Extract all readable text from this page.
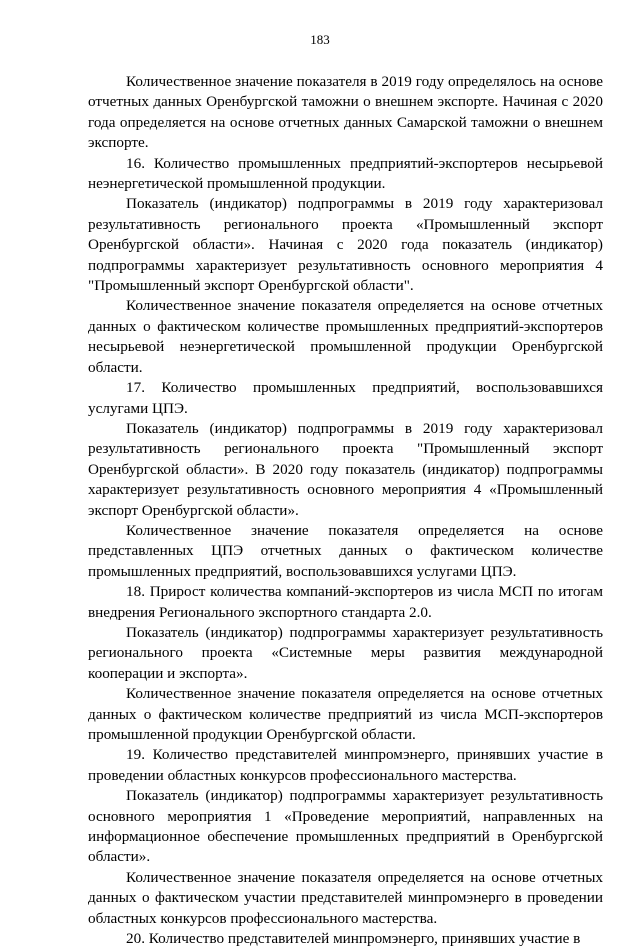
183

Количественное значение показателя в 2019 году определялось на основе отчетных данных Оренбургской таможни о внешнем экспорте. Начиная с 2020 года определяется на основе отчетных данных Самарской таможни о внешнем экспорте.

16. Количество промышленных предприятий-экспортеров несырьевой неэнергетической промышленной продукции.

Показатель (индикатор) подпрограммы в 2019 году характеризовал результативность регионального проекта «Промышленный экспорт Оренбургской области». Начиная с 2020 года показатель (индикатор) подпрограммы характеризует результативность основного мероприятия 4 "Промышленный экспорт Оренбургской области".

Количественное значение показателя определяется на основе отчетных данных о фактическом количестве промышленных предприятий-экспортеров несырьевой неэнергетической промышленной продукции Оренбургской области.

17. Количество промышленных предприятий, воспользовавшихся услугами ЦПЭ.

Показатель (индикатор) подпрограммы в 2019 году характеризовал результативность регионального проекта "Промышленный экспорт Оренбургской области». В 2020 году показатель (индикатор) подпрограммы характеризует результативность основного мероприятия 4 «Промышленный экспорт Оренбургской области».

Количественное значение показателя определяется на основе представленных ЦПЭ отчетных данных о фактическом количестве промышленных предприятий, воспользовавшихся услугами ЦПЭ.

18. Прирост количества компаний-экспортеров из числа МСП по итогам внедрения Регионального экспортного стандарта 2.0.

Показатель (индикатор) подпрограммы характеризует результативность регионального проекта «Системные меры развития международной кооперации и экспорта».

Количественное значение показателя определяется на основе отчетных данных о фактическом количестве предприятий из числа МСП-экспортеров промышленной продукции Оренбургской области.

19. Количество представителей минпромэнерго, принявших участие в проведении областных конкурсов профессионального мастерства.

Показатель (индикатор) подпрограммы характеризует результативность основного мероприятия 1 «Проведение мероприятий, направленных на информационное обеспечение промышленных предприятий в Оренбургской области».

Количественное значение показателя определяется на основе отчетных данных о фактическом участии представителей минпромэнерго в проведении областных конкурсов профессионального мастерства.

20. Количество представителей минпромэнерго, принявших участие в
